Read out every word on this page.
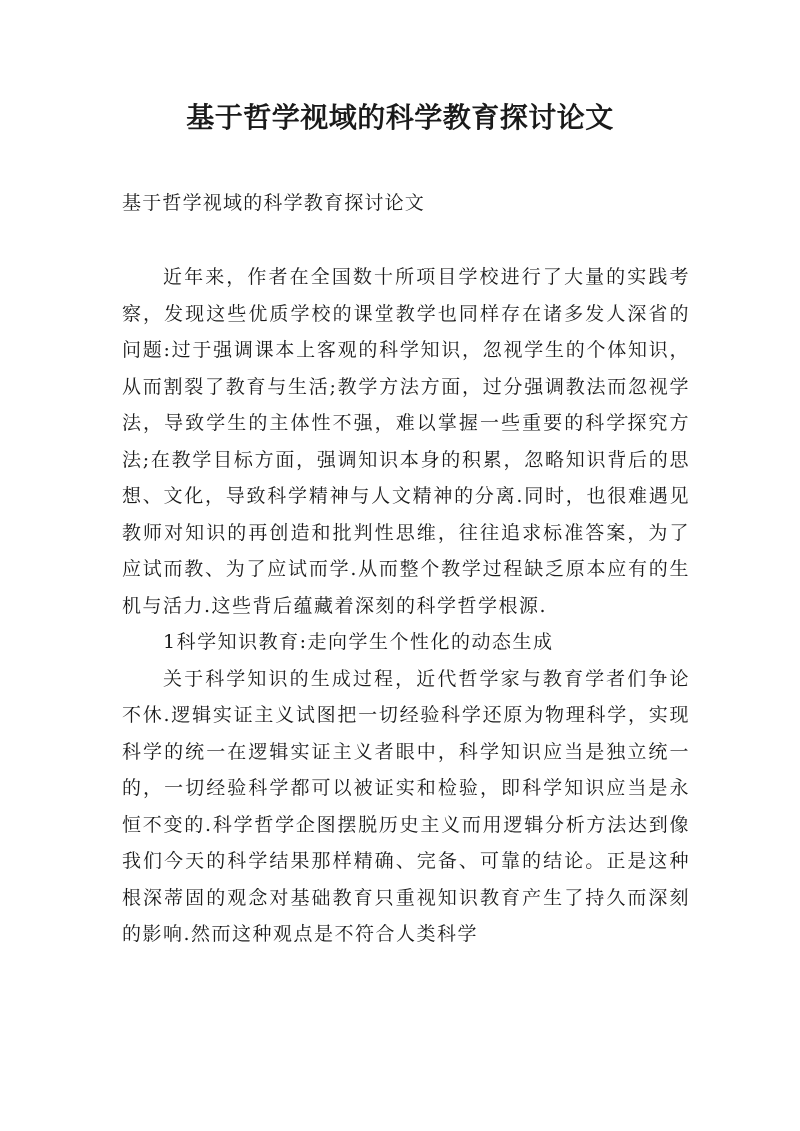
基于哲学视域的科学教育探讨论文

基于哲学视域的科学教育探讨论文

近年来，作者在全国数十所项目学校进行了大量的实践考察，发现这些优质学校的课堂教学也同样存在诸多发人深省的问题:过于强调课本上客观的科学知识，忽视学生的个体知识，从而割裂了教育与生活;教学方法方面，过分强调教法而忽视学法，导致学生的主体性不强，难以掌握一些重要的科学探究方法;在教学目标方面，强调知识本身的积累，忽略知识背后的思想、文化，导致科学精神与人文精神的分离.同时，也很难遇见教师对知识的再创造和批判性思维，往往追求标准答案，为了应试而教、为了应试而学.从而整个教学过程缺乏原本应有的生机与活力.这些背后蕴藏着深刻的科学哲学根源.

1科学知识教育:走向学生个性化的动态生成

关于科学知识的生成过程，近代哲学家与教育学者们争论不休.逻辑实证主义试图把一切经验科学还原为物理科学，实现科学的统一在逻辑实证主义者眼中，科学知识应当是独立统一的，一切经验科学都可以被证实和检验，即科学知识应当是永恒不变的.科学哲学企图摆脱历史主义而用逻辑分析方法达到像我们今天的科学结果那样精确、完备、可靠的结论。正是这种根深蒂固的观念对基础教育只重视知识教育产生了持久而深刻的影响.然而这种观点是不符合人类科学
